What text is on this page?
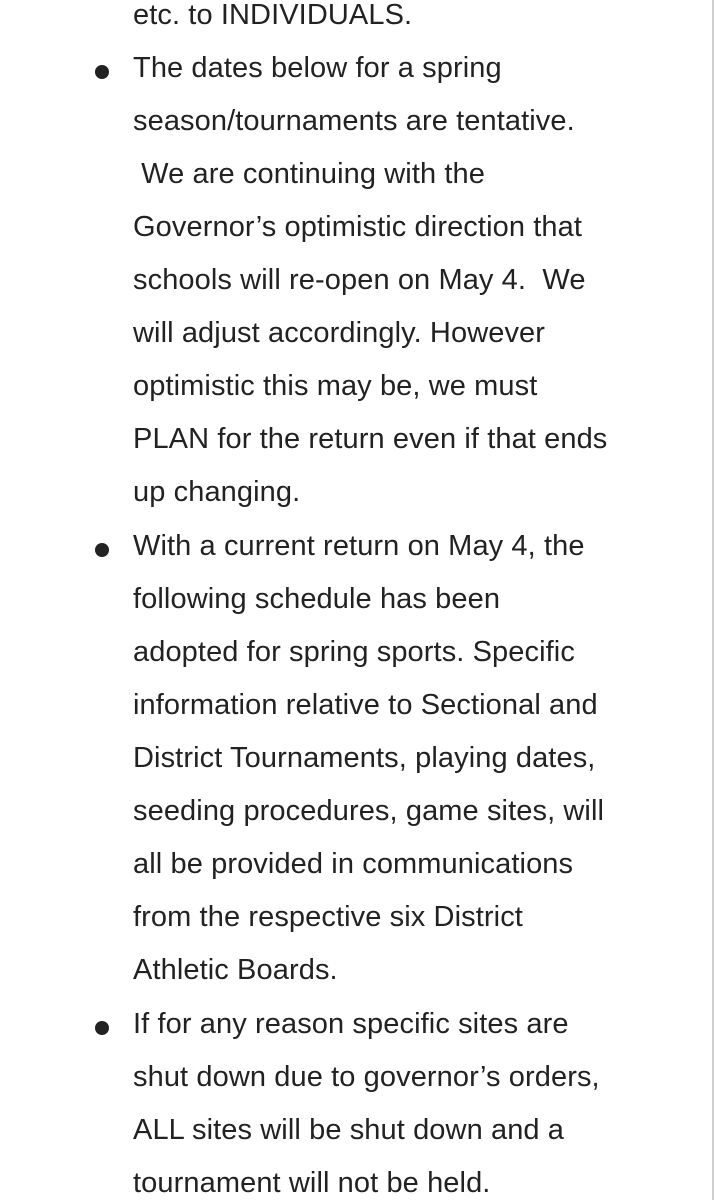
etc. to INDIVIDUALS.
The dates below for a spring
season/tournaments are tentative.
We are continuing with the
Governor’s optimistic direction that
schools will re-open on May 4.  We
will adjust accordingly. However
optimistic this may be, we must
PLAN for the return even if that ends
up changing.
With a current return on May 4, the
following schedule has been
adopted for spring sports. Specific
information relative to Sectional and
District Tournaments, playing dates,
seeding procedures, game sites, will
all be provided in communications
from the respective six District
Athletic Boards.
If for any reason specific sites are
shut down due to governor’s orders,
ALL sites will be shut down and a
tournament will not be held.
